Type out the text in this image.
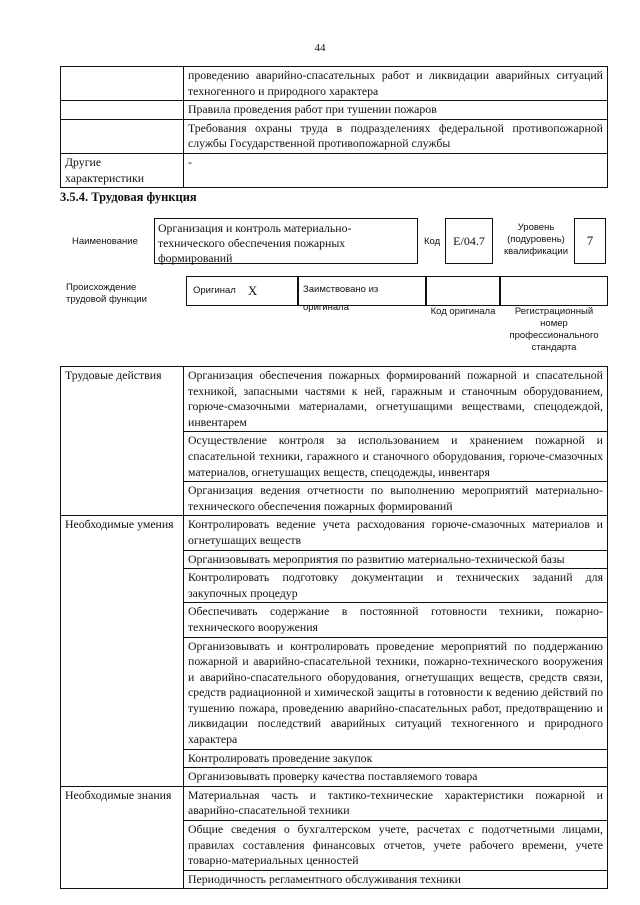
44
	проведению аварийно-спасательных работ и ликвидации аварийных ситуаций техногенного и природного характера
	Правила проведения работ при тушении пожаров
	Требования охраны труда в подразделениях федеральной противопожарной службы Государственной противопожарной службы
Другие характеристики	-
3.5.4. Трудовая функция
Наименование
Организация и контроль материально-технического обеспечения пожарных формирований
Код E/04.7
Уровень (подуровень) квалификации
7
Происхождение трудовой функции
Оригинал X	Заимствовано из оригинала	Код оригинала	Регистрационный номер профессионального стандарта
Трудовые действия	Организация обеспечения пожарных формирований пожарной и спасательной техникой, запасными частями к ней, гаражным и станочным оборудованием, горюче-смазочными материалами, огнетушащими веществами, спецодеждой, инвентарем
	Осуществление контроля за использованием и хранением пожарной и спасательной техники, гаражного и станочного оборудования, горюче-смазочных материалов, огнетушащих веществ, спецодежды, инвентаря
	Организация ведения отчетности по выполнению мероприятий материально-технического обеспечения пожарных формирований
Необходимые умения	Контролировать ведение учета расходования горюче-смазочных материалов и огнетушащих веществ
	Организовывать мероприятия по развитию материально-технической базы
	Контролировать подготовку документации и технических заданий для закупочных процедур
	Обеспечивать содержание в постоянной готовности техники, пожарно-технического вооружения
	Организовывать и контролировать проведение мероприятий по поддержанию пожарной и аварийно-спасательной техники, пожарно-технического вооружения и аварийно-спасательного оборудования, огнетушащих веществ, средств связи, средств радиационной и химической защиты в готовности к ведению действий по тушению пожара, проведению аварийно-спасательных работ, предотвращению и ликвидации последствий аварийных ситуаций техногенного и природного характера
	Контролировать проведение закупок
	Организовывать проверку качества поставляемого товара
Необходимые знания	Материальная часть и тактико-технические характеристики пожарной и аварийно-спасательной техники
	Общие сведения о бухгалтерском учете, расчетах с подотчетными лицами, правилах составления финансовых отчетов, учете рабочего времени, учете товарно-материальных ценностей
	Периодичность регламентного обслуживания техники
